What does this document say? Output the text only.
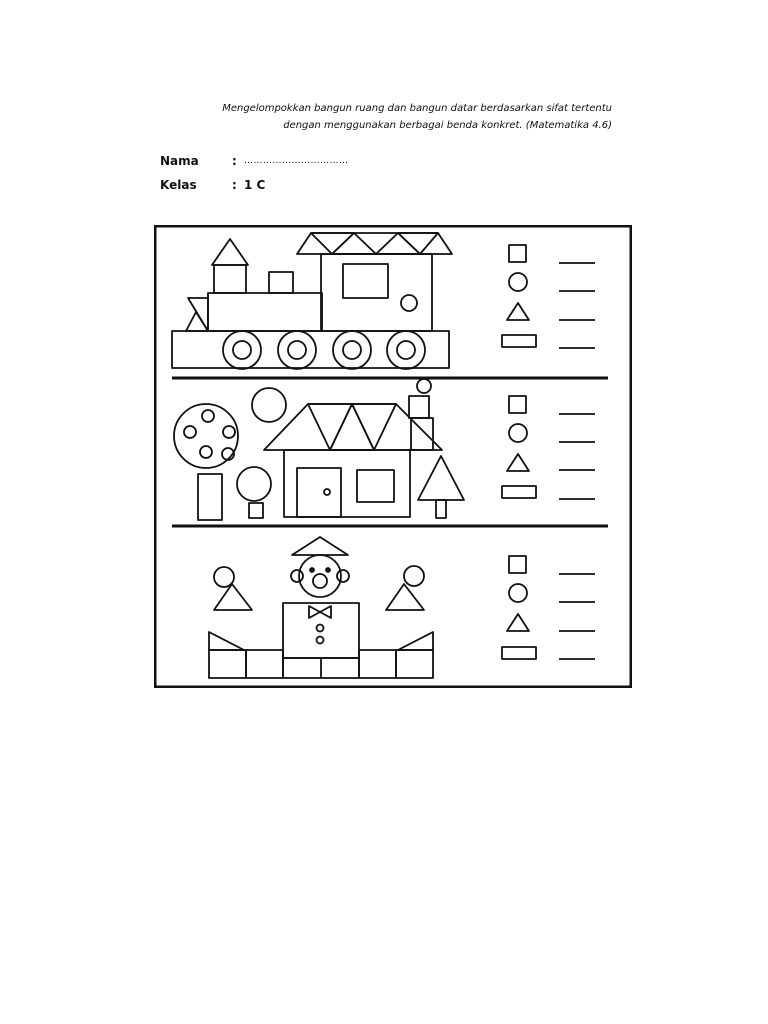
Mengelompokkan bangun ruang dan bangun datar berdasarkan sifat tertentu
dengan menggunakan berbagai benda konkret. (Matematika 4.6)
Nama	: ……………………………
Kelas	: 1 C
